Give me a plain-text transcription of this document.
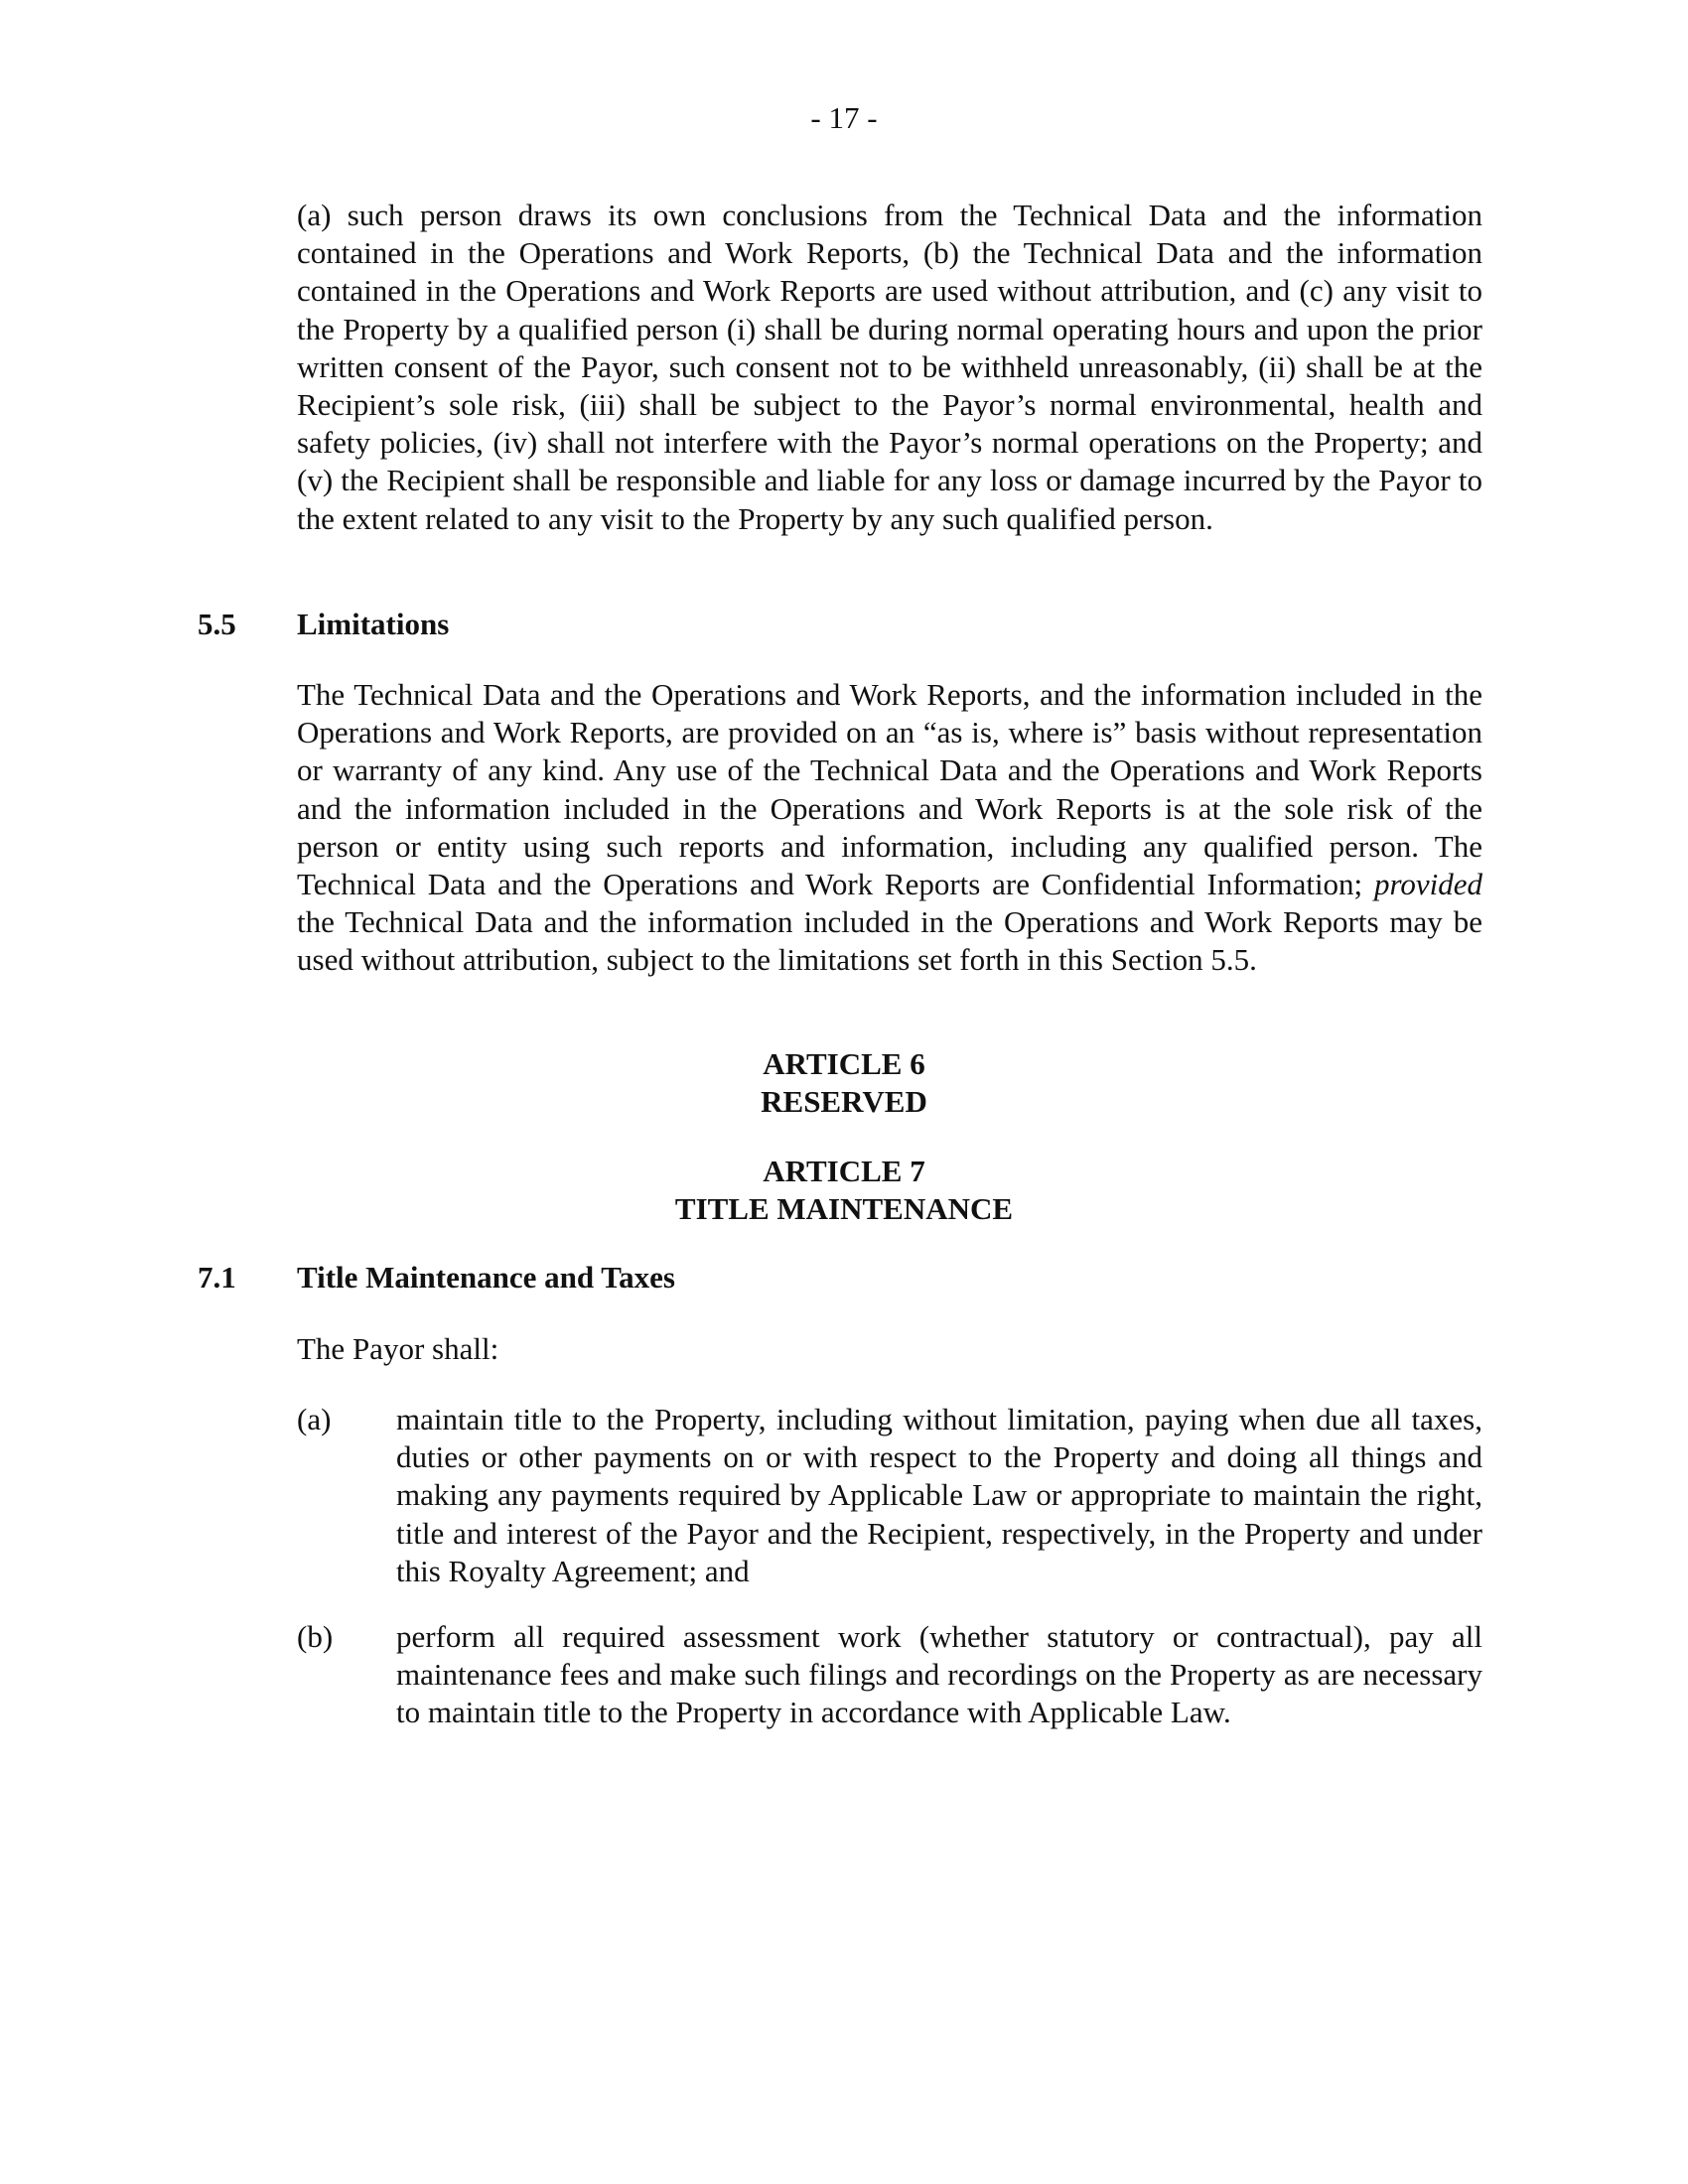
- 17 -
(a) such person draws its own conclusions from the Technical Data and the information contained in the Operations and Work Reports, (b) the Technical Data and the information contained in the Operations and Work Reports are used without attribution, and (c) any visit to the Property by a qualified person (i) shall be during normal operating hours and upon the prior written consent of the Payor, such consent not to be withheld unreasonably, (ii) shall be at the Recipient’s sole risk, (iii) shall be subject to the Payor’s normal environmental, health and safety policies, (iv) shall not interfere with the Payor’s normal operations on the Property; and (v) the Recipient shall be responsible and liable for any loss or damage incurred by the Payor to the extent related to any visit to the Property by any such qualified person.
5.5 Limitations
The Technical Data and the Operations and Work Reports, and the information included in the Operations and Work Reports, are provided on an “as is, where is” basis without representation or warranty of any kind. Any use of the Technical Data and the Operations and Work Reports and the information included in the Operations and Work Reports is at the sole risk of the person or entity using such reports and information, including any qualified person. The Technical Data and the Operations and Work Reports are Confidential Information; provided the Technical Data and the information included in the Operations and Work Reports may be used without attribution, subject to the limitations set forth in this Section 5.5.
ARTICLE 6
RESERVED
ARTICLE 7
TITLE MAINTENANCE
7.1 Title Maintenance and Taxes
The Payor shall:
(a) maintain title to the Property, including without limitation, paying when due all taxes, duties or other payments on or with respect to the Property and doing all things and making any payments required by Applicable Law or appropriate to maintain the right, title and interest of the Payor and the Recipient, respectively, in the Property and under this Royalty Agreement; and
(b) perform all required assessment work (whether statutory or contractual), pay all maintenance fees and make such filings and recordings on the Property as are necessary to maintain title to the Property in accordance with Applicable Law.
